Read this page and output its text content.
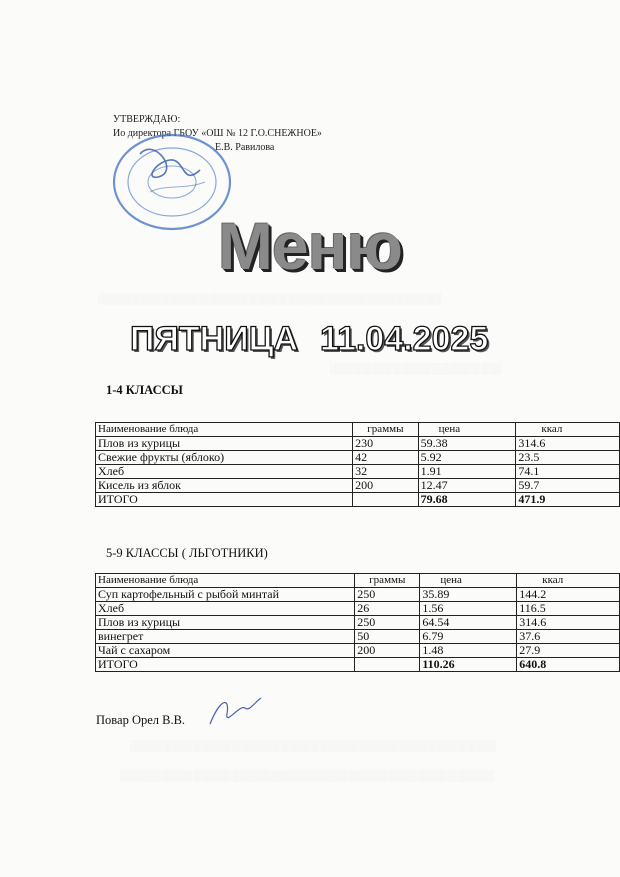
░░░░░░░░░░░░░░░░░░░░░░░░░░░░░░░░░░░░░░░░░░░░
░░░░░░░░░░░░░░░░░░░░░░
░░░░░░░░░░░░░░░░░░░░░░░░░░░░░░░░░░░░░░░░░░░░░░░
░░░░░░░░░░░░░░░░░░░░░░░░░░░░░░░░░░░░░░░░░░░░░░░░
УТВЕРЖДАЮ:
Ио директора ГБОУ «ОШ № 12 Г.О.СНЕЖНОЕ»
Е.В. Равилова
Меню
ПЯТНИЦА 11.04.2025
1-4 КЛАССЫ
Наименование блюда	граммы	цена	ккал
Плов из курицы	230	59.38	314.6
Свежие фрукты (яблоко)	42	5.92	23.5
Хлеб	32	1.91	74.1
Кисель из яблок	200	12.47	59.7
ИТОГО		79.68	471.9
5-9 КЛАССЫ ( ЛЬГОТНИКИ)
Наименование блюда	граммы	цена	ккал
Суп картофельный с рыбой минтай	250	35.89	144.2
Хлеб	26	1.56	116.5
Плов из курицы	250	64.54	314.6
винегрет	50	6.79	37.6
Чай с сахаром	200	1.48	27.9
ИТОГО		110.26	640.8
Повар Орел В.В.
